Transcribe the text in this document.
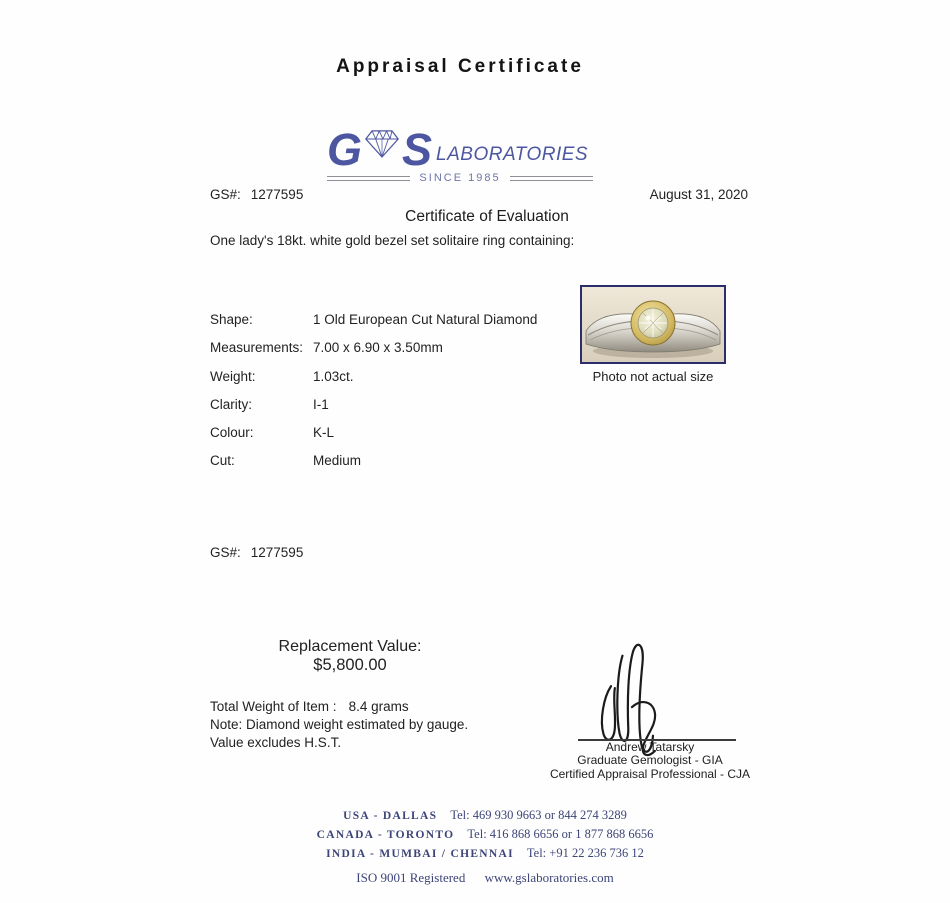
Appraisal Certificate
G S LABORATORIES
SINCE 1985
GS#: 1277595	August 31, 2020
Certificate of Evaluation
One lady's 18kt. white gold bezel set solitaire ring containing:
Shape:	1 Old European Cut Natural Diamond
Measurements: 7.00 x 6.90 x 3.50mm
Weight:	1.03ct.
Clarity:	I-1
Colour:	K-L
Cut:	Medium
Photo not actual size
GS#: 1277595
Replacement Value:
$5,800.00
Total Weight of Item : 8.4 grams
Note: Diamond weight estimated by gauge.
Value excludes H.S.T.	Andrew Tatarsky
Graduate Gemologist - GIA
Certified Appraisal Professional - CJA
USA - DALLAS Tel: 469 930 9663 or 844 274 3289
CANADA - TORONTO Tel: 416 868 6656 or 1 877 868 6656
INDIA - MUMBAI / CHENNAI Tel: +91 22 236 736 12
ISO 9001 Registered www.gslaboratories.com
